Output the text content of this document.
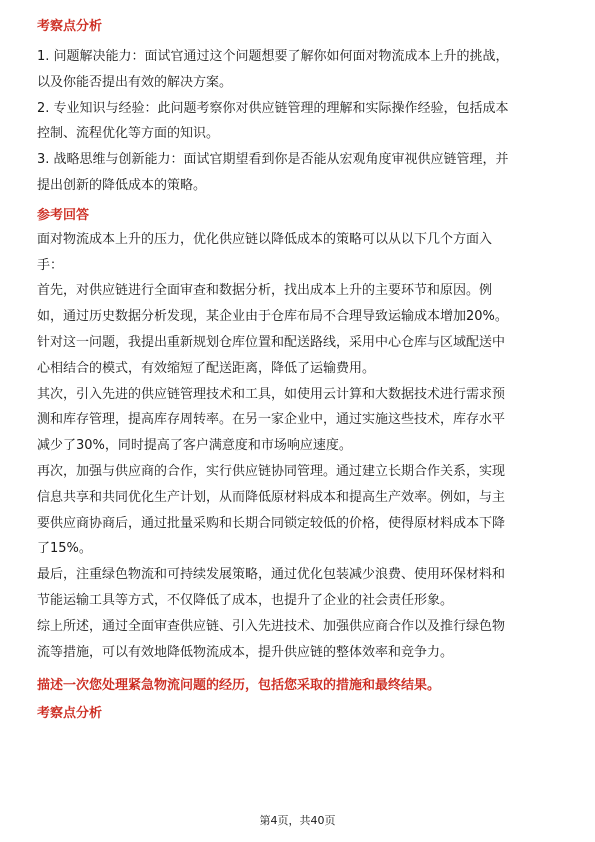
考察点分析
1. 问题解决能力：面试官通过这个问题想要了解你如何面对物流成本上升的挑战，
以及你能否提出有效的解决方案。
2. 专业知识与经验：此问题考察你对供应链管理的理解和实际操作经验，包括成本
控制、流程优化等方面的知识。
3. 战略思维与创新能力：面试官期望看到你是否能从宏观角度审视供应链管理，并
提出创新的降低成本的策略。
参考回答
面对物流成本上升的压力，优化供应链以降低成本的策略可以从以下几个方面入
手：
首先，对供应链进行全面审查和数据分析，找出成本上升的主要环节和原因。例
如，通过历史数据分析发现，某企业由于仓库布局不合理导致运输成本增加20%。
针对这一问题，我提出重新规划仓库位置和配送路线，采用中心仓库与区域配送中
心相结合的模式，有效缩短了配送距离，降低了运输费用。
其次，引入先进的供应链管理技术和工具，如使用云计算和大数据技术进行需求预
测和库存管理，提高库存周转率。在另一家企业中，通过实施这些技术，库存水平
减少了30%，同时提高了客户满意度和市场响应速度。
再次，加强与供应商的合作，实行供应链协同管理。通过建立长期合作关系，实现
信息共享和共同优化生产计划，从而降低原材料成本和提高生产效率。例如，与主
要供应商协商后，通过批量采购和长期合同锁定较低的价格，使得原材料成本下降
了15%。
最后，注重绿色物流和可持续发展策略，通过优化包装减少浪费、使用环保材料和
节能运输工具等方式，不仅降低了成本，也提升了企业的社会责任形象。
综上所述，通过全面审查供应链、引入先进技术、加强供应商合作以及推行绿色物
流等措施，可以有效地降低物流成本，提升供应链的整体效率和竞争力。
描述一次您处理紧急物流问题的经历，包括您采取的措施和最终结果。
考察点分析
第4页，共40页
